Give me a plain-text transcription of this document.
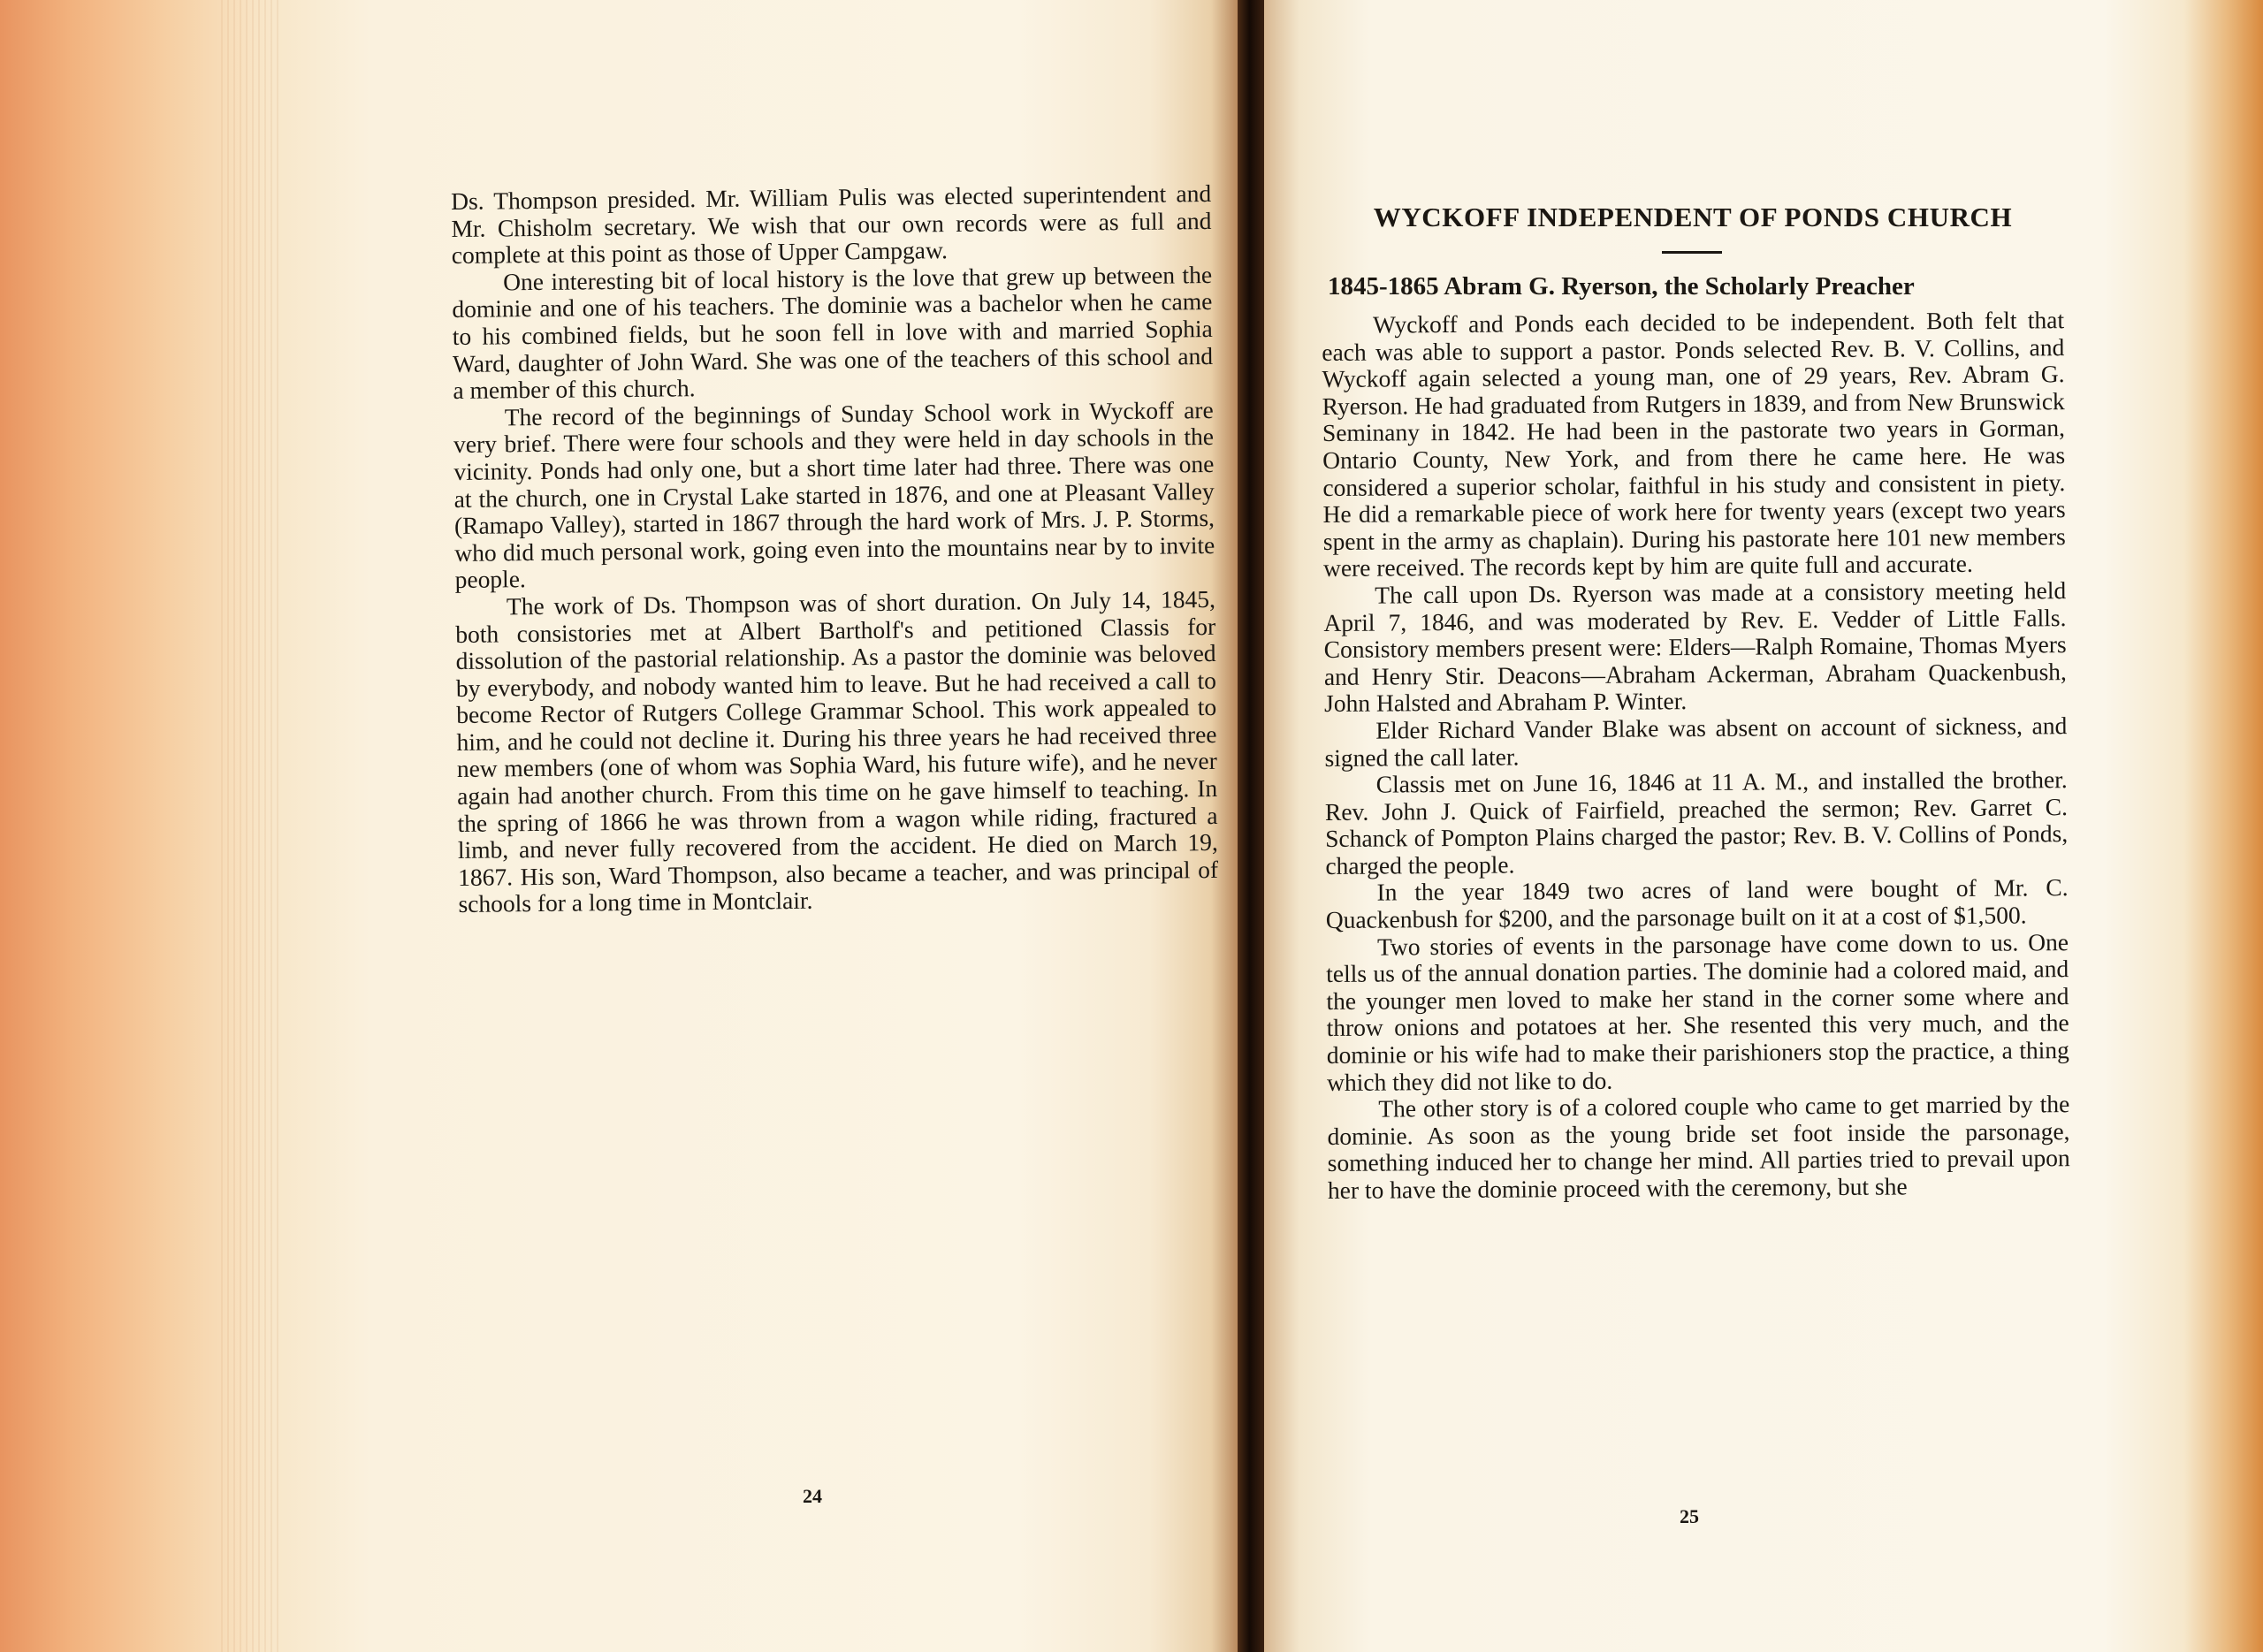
Ds. Thompson presided. Mr. William Pulis was elected superintendent and Mr. Chisholm secretary. We wish that our own records were as full and complete at this point as those of Upper Campgaw.

One interesting bit of local history is the love that grew up between the dominie and one of his teachers. The dominie was a bachelor when he came to his combined fields, but he soon fell in love with and married Sophia Ward, daughter of John Ward. She was one of the teachers of this school and a member of this church.

The record of the beginnings of Sunday School work in Wyckoff are very brief. There were four schools and they were held in day schools in the vicinity. Ponds had only one, but a short time later had three. There was one at the church, one in Crystal Lake started in 1876, and one at Pleasant Valley (Ramapo Valley), started in 1867 through the hard work of Mrs. J. P. Storms, who did much personal work, going even into the mountains near by to invite people.

The work of Ds. Thompson was of short duration. On July 14, 1845, both consistories met at Albert Bartholf's and petitioned Classis for dissolution of the pastorial relationship. As a pastor the dominie was beloved by everybody, and nobody wanted him to leave. But he had received a call to become Rector of Rutgers College Grammar School. This work appealed to him, and he could not decline it. During his three years he had received three new members (one of whom was Sophia Ward, his future wife), and he never again had another church. From this time on he gave himself to teaching. In the spring of 1866 he was thrown from a wagon while riding, fractured a limb, and never fully recovered from the accident. He died on March 19, 1867. His son, Ward Thompson, also became a teacher, and was principal of schools for a long time in Montclair.

24
WYCKOFF INDEPENDENT OF PONDS CHURCH
1845-1865 Abram G. Ryerson, the Scholarly Preacher

Wyckoff and Ponds each decided to be independent. Both felt that each was able to support a pastor. Ponds selected Rev. B. V. Collins, and Wyckoff again selected a young man, one of 29 years, Rev. Abram G. Ryerson. He had graduated from Rutgers in 1839, and from New Brunswick Seminany in 1842. He had been in the pastorate two years in Gorman, Ontario County, New York, and from there he came here. He was considered a superior scholar, faithful in his study and consistent in piety. He did a remarkable piece of work here for twenty years (except two years spent in the army as chaplain). During his pastorate here 101 new members were received. The records kept by him are quite full and accurate.

The call upon Ds. Ryerson was made at a consistory meeting held April 7, 1846, and was moderated by Rev. E. Vedder of Little Falls. Consistory members present were: Elders—Ralph Romaine, Thomas Myers and Henry Stir. Deacons—Abraham Ackerman, Abraham Quackenbush, John Halsted and Abraham P. Winter.

Elder Richard Vander Blake was absent on account of sickness, and signed the call later.

Classis met on June 16, 1846 at 11 A. M., and installed the brother. Rev. John J. Quick of Fairfield, preached the sermon; Rev. Garret C. Schanck of Pompton Plains charged the pastor; Rev. B. V. Collins of Ponds, charged the people.

In the year 1849 two acres of land were bought of Mr. C. Quackenbush for $200, and the parsonage built on it at a cost of $1,500.

Two stories of events in the parsonage have come down to us. One tells us of the annual donation parties. The dominie had a colored maid, and the younger men loved to make her stand in the corner some where and throw onions and potatoes at her. She resented this very much, and the dominie or his wife had to make their parishioners stop the practice, a thing which they did not like to do.

The other story is of a colored couple who came to get married by the dominie. As soon as the young bride set foot inside the parsonage, something induced her to change her mind. All parties tried to prevail upon her to have the dominie proceed with the ceremony, but she

25
